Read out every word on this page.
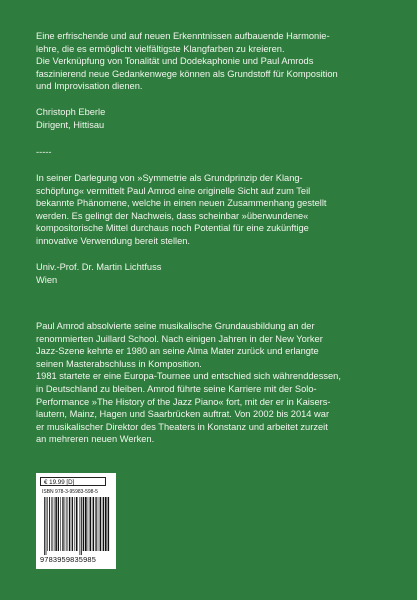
Eine erfrischende und auf neuen Erkenntnissen aufbauende Harmonie-

lehre, die es ermöglicht vielfältigste Klangfarben zu kreieren.

Die Verknüpfung von Tonalität und Dodekaphonie und Paul Amrods

faszinierend neue Gedankenwege können als Grundstoff für Komposition

und Improvisation dienen.

Christoph Eberle

Dirigent, Hittisau

-----

In seiner Darlegung von »Symmetrie als Grundprinzip der Klang-

schöpfung« vermittelt Paul Amrod eine originelle Sicht auf zum Teil

bekannte Phänomene, welche in einen neuen Zusammenhang gestellt

werden. Es gelingt der Nachweis, dass scheinbar »überwundene«

kompositorische Mittel durchaus noch Potential für eine zukünftige

innovative Verwendung bereit stellen.

Univ.-Prof. Dr. Martin Lichtfuss

Wien

Paul Amrod absolvierte seine musikalische Grundausbildung an der

renommierten Juillard School. Nach einigen Jahren in der New Yorker

Jazz-Szene kehrte er 1980 an seine Alma Mater zurück und erlangte

seinen Masterabschluss in Komposition.

1981 startete er eine Europa-Tournee und entschied sich währenddessen,

in Deutschland zu bleiben. Amrod führte seine Karriere mit der Solo-

Performance »The History of the Jazz Piano« fort, mit der er in Kaisers-

lautern, Mainz, Hagen und Saarbrücken auftrat. Von 2002 bis 2014 war

er musikalischer Direktor des Theaters in Konstanz und arbeitet zurzeit

an mehreren neuen Werken.

€ 19.99 [D]
ISBN 978-3-95983-598-5
9783959835985
